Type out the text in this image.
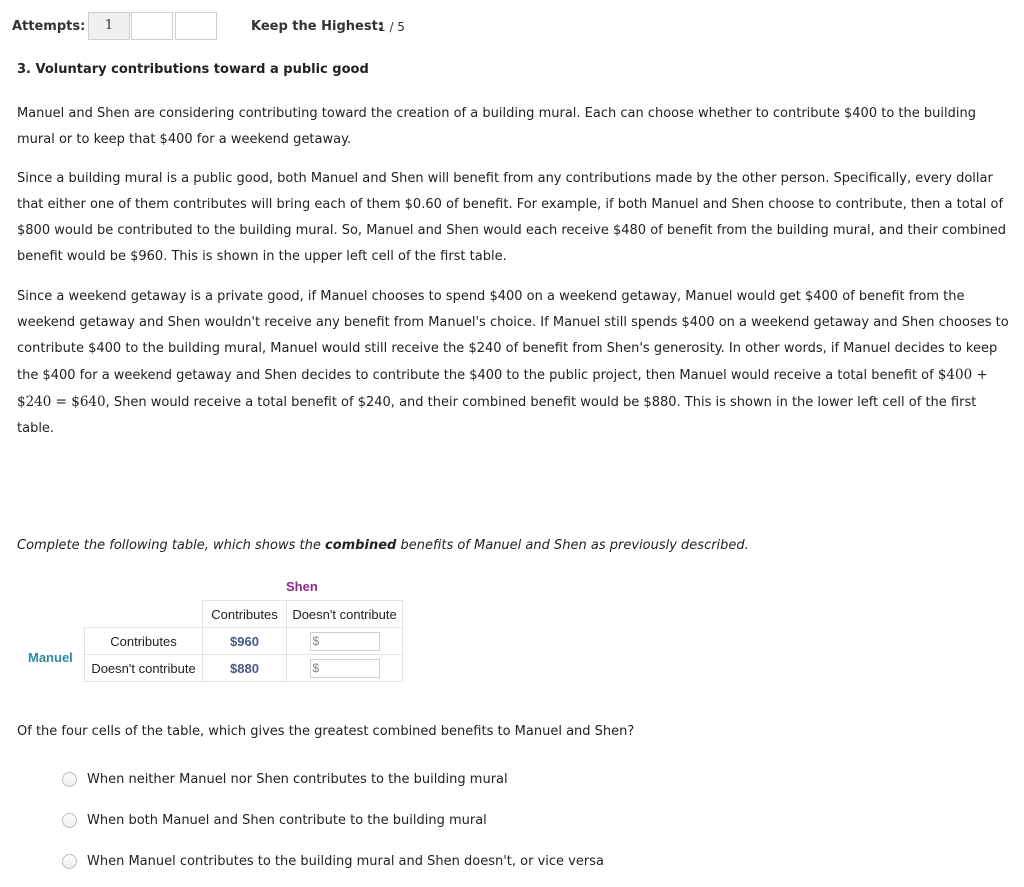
Attempts:	1	Keep the Highest:
1 / 5
3. Voluntary contributions toward a public good
Manuel and Shen are considering contributing toward the creation of a building mural. Each can choose whether to contribute $400 to the building mural or to keep that $400 for a weekend getaway.
Since a building mural is a public good, both Manuel and Shen will benefit from any contributions made by the other person. Specifically, every dollar that either one of them contributes will bring each of them $0.60 of benefit. For example, if both Manuel and Shen choose to contribute, then a total of $800 would be contributed to the building mural. So, Manuel and Shen would each receive $480 of benefit from the building mural, and their combined benefit would be $960. This is shown in the upper left cell of the first table.
Since a weekend getaway is a private good, if Manuel chooses to spend $400 on a weekend getaway, Manuel would get $400 of benefit from the weekend getaway and Shen wouldn't receive any benefit from Manuel's choice. If Manuel still spends $400 on a weekend getaway and Shen chooses to contribute $400 to the building mural, Manuel would still receive the $240 of benefit from Shen's generosity. In other words, if Manuel decides to keep the $400 for a weekend getaway and Shen decides to contribute the $400 to the public project, then Manuel would receive a total benefit of $400 + $240 = $640, Shen would receive a total benefit of $240, and their combined benefit would be $880. This is shown in the lower left cell of the first table.
Complete the following table, which shows the combined benefits of Manuel and Shen as previously described.
Shen
Manuel
	Contributes	Doesn't contribute
Contributes	$960	$

Doesn't contribute	$880	$
Of the four cells of the table, which gives the greatest combined benefits to Manuel and Shen?
When neither Manuel nor Shen contributes to the building mural
When both Manuel and Shen contribute to the building mural
When Manuel contributes to the building mural and Shen doesn't, or vice versa
